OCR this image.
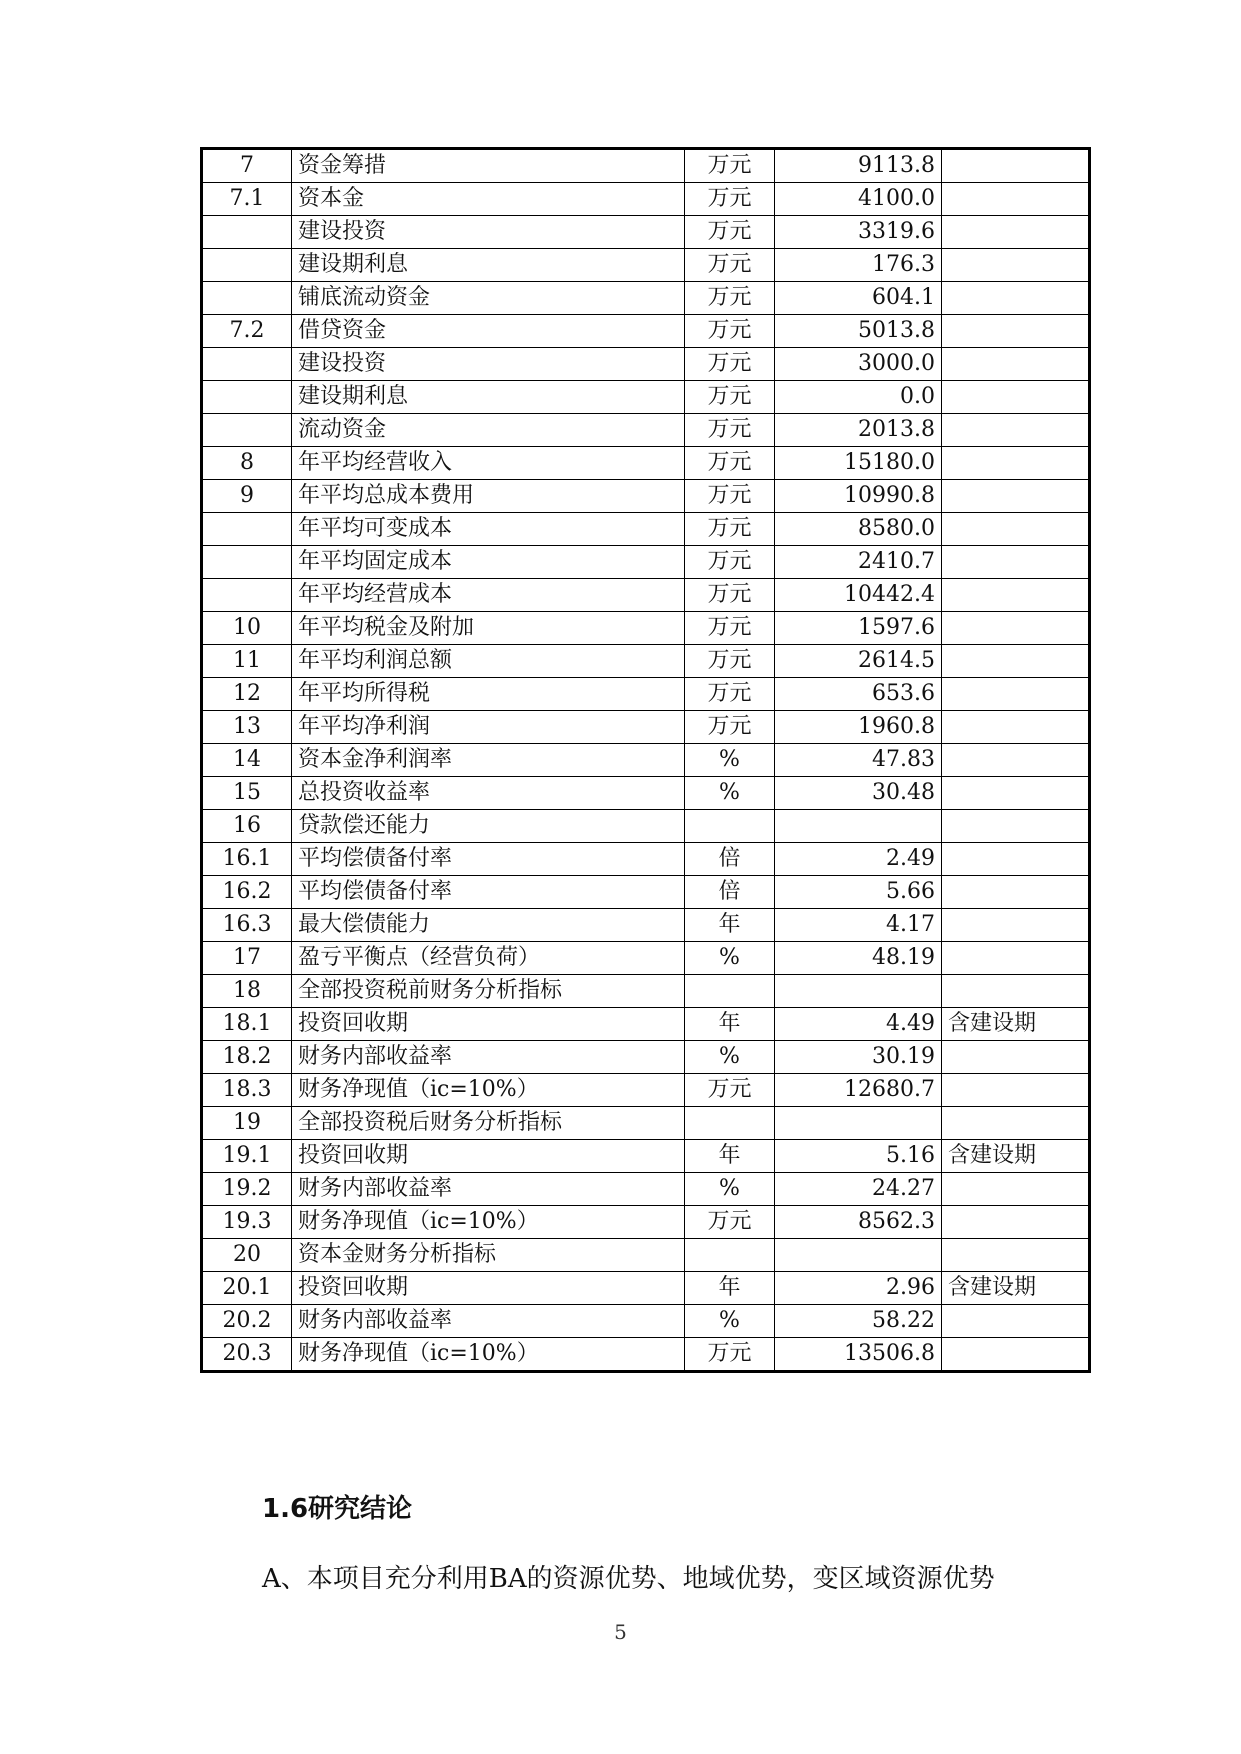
7	资金筹措	万元	9113.8	
7.1	资本金	万元	4100.0	
	建设投资	万元	3319.6	
	建设期利息	万元	176.3	
	铺底流动资金	万元	604.1	
7.2	借贷资金	万元	5013.8	
	建设投资	万元	3000.0	
	建设期利息	万元	0.0	
	流动资金	万元	2013.8	
8	年平均经营收入	万元	15180.0	
9	年平均总成本费用	万元	10990.8	
	年平均可变成本	万元	8580.0	
	年平均固定成本	万元	2410.7	
	年平均经营成本	万元	10442.4	
10	年平均税金及附加	万元	1597.6	
11	年平均利润总额	万元	2614.5	
12	年平均所得税	万元	653.6	
13	年平均净利润	万元	1960.8	
14	资本金净利润率	%	47.83	
15	总投资收益率	%	30.48	
16	贷款偿还能力			
16.1	平均偿债备付率	倍	2.49	
16.2	平均偿债备付率	倍	5.66	
16.3	最大偿债能力	年	4.17	
17	盈亏平衡点（经营负荷）	%	48.19	
18	全部投资税前财务分析指标			
18.1	投资回收期	年	4.49	含建设期
18.2	财务内部收益率	%	30.19	
18.3	财务净现值（ic=10%）	万元	12680.7	
19	全部投资税后财务分析指标			
19.1	投资回收期	年	5.16	含建设期
19.2	财务内部收益率	%	24.27	
19.3	财务净现值（ic=10%）	万元	8562.3	
20	资本金财务分析指标			
20.1	投资回收期	年	2.96	含建设期
20.2	财务内部收益率	%	58.22	
20.3	财务净现值（ic=10%）	万元	13506.8	
1.6研究结论
A、本项目充分利用BA的资源优势、地域优势，变区域资源优势
5
